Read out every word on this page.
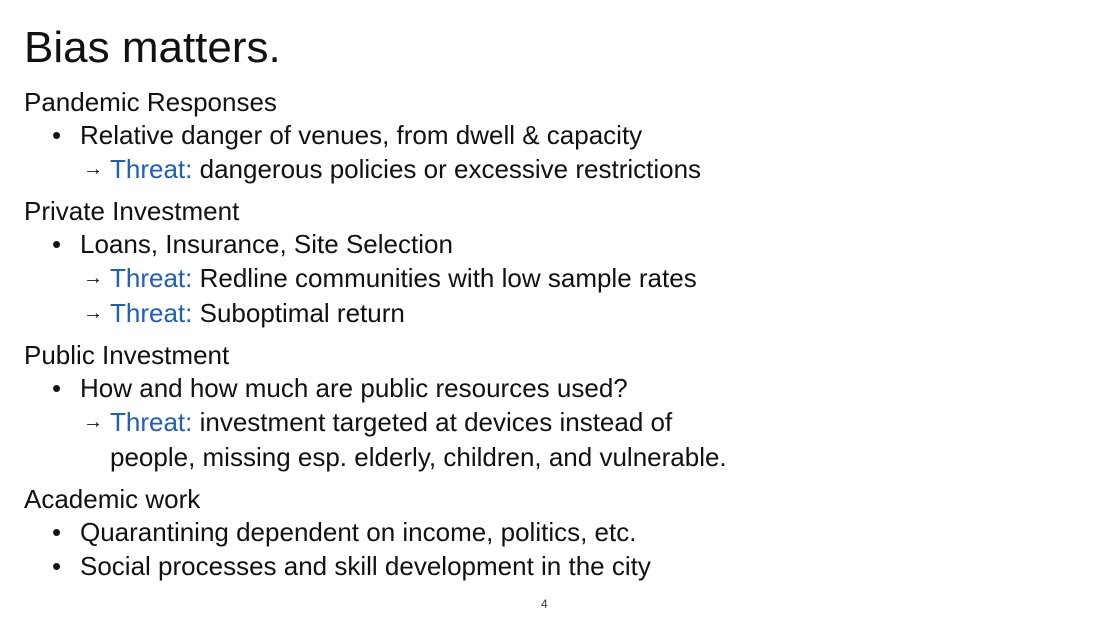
Bias matters.
Pandemic Responses
• Relative danger of venues, from dwell & capacity
→ Threat: dangerous policies or excessive restrictions
Private Investment
• Loans, Insurance, Site Selection
→ Threat: Redline communities with low sample rates
→ Threat: Suboptimal return
Public Investment
• How and how much are public resources used?
→ Threat: investment targeted at devices instead of
people, missing esp. elderly, children, and vulnerable.
Academic work
• Quarantining dependent on income, politics, etc.
• Social processes and skill development in the city
4
